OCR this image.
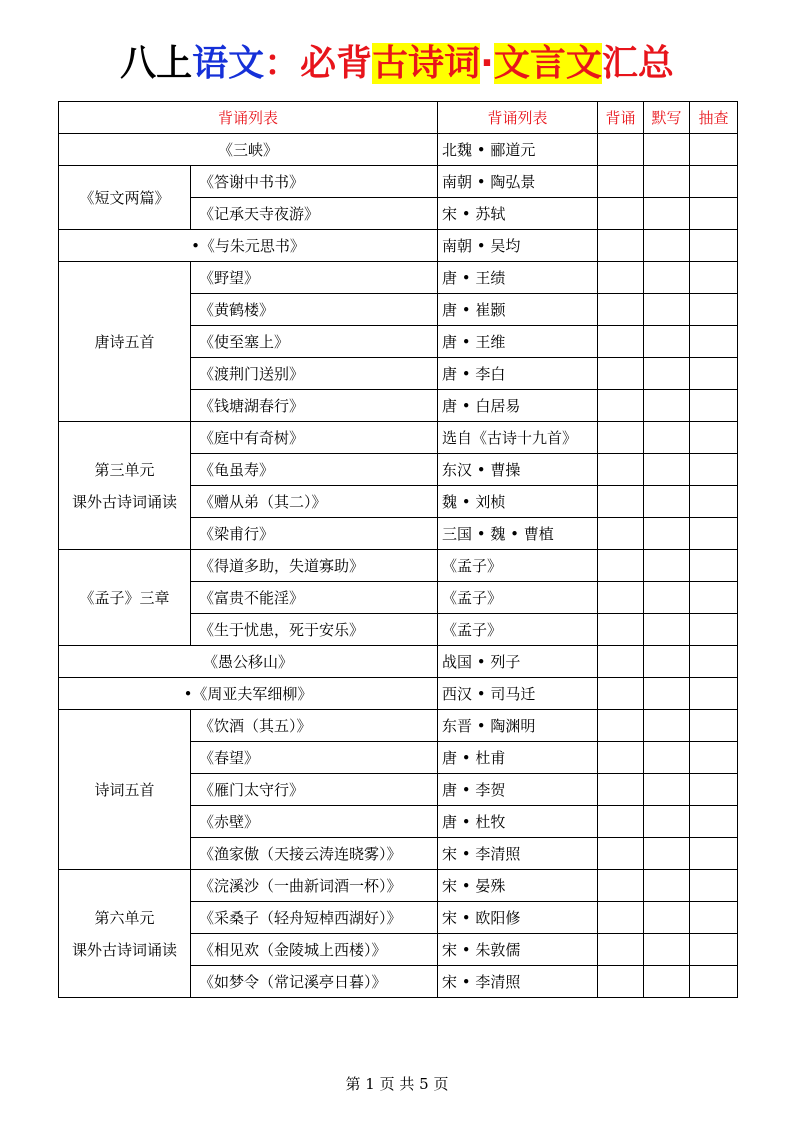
八上语文：必背古诗词·文言文汇总
背诵列表		背诵列表	背诵	默写	抽查
《三峡》		北魏 • 郦道元			
《短文两篇》	《答谢中书书》	南朝 • 陶弘景			
	《记承天寺夜游》	宋 • 苏轼			
•《与朱元思书》		南朝 • 吴均			
唐诗五首	《野望》	唐 • 王绩			
	《黄鹤楼》	唐 • 崔颢			
	《使至塞上》	唐 • 王维			
	《渡荆门送别》	唐 • 李白			
	《钱塘湖春行》	唐 • 白居易			

第三单元
课外古诗词诵读	《庭中有奇树》	选自《古诗十九首》			
	《龟虽寿》	东汉 • 曹操			
	《赠从弟（其二）》	魏 • 刘桢			
	《梁甫行》	三国 • 魏 • 曹植			
《孟子》三章	《得道多助，失道寡助》	《孟子》			
	《富贵不能淫》	《孟子》			
	《生于忧患，死于安乐》	《孟子》			
《愚公移山》		战国 • 列子			
•《周亚夫军细柳》		西汉 • 司马迁			
诗词五首	《饮酒（其五）》	东晋 • 陶渊明			
	《春望》	唐 • 杜甫			
	《雁门太守行》	唐 • 李贺			
	《赤壁》	唐 • 杜牧			
	《渔家傲（天接云涛连晓雾）》	宋 • 李清照			

第六单元
课外古诗词诵读	《浣溪沙（一曲新词酒一杯）》	宋 • 晏殊			
	《采桑子（轻舟短棹西湖好）》	宋 • 欧阳修			
	《相见欢（金陵城上西楼）》	宋 • 朱敦儒			
	《如梦令（常记溪亭日暮）》	宋 • 李清照			
第 1 页 共 5 页
